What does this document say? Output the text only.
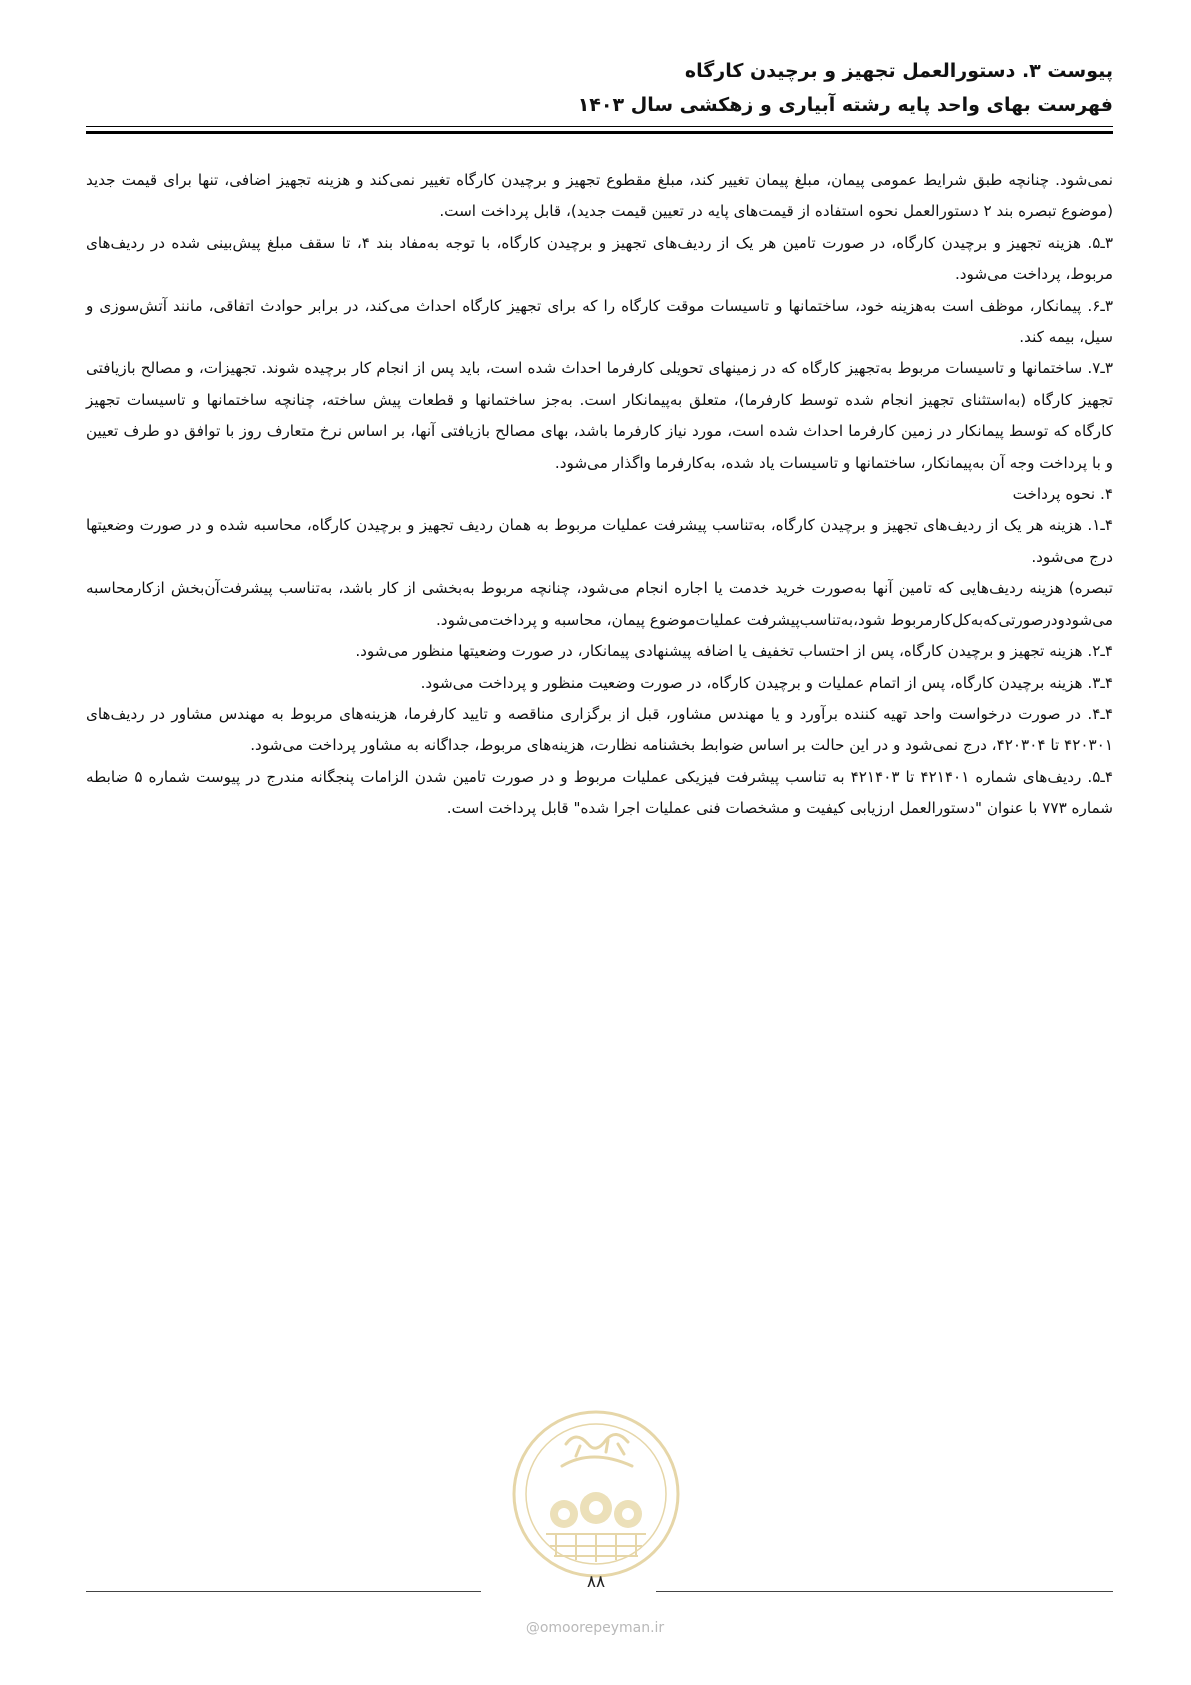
پیوست ۳. دستورالعمل تجهیز و برچیدن کارگاه
فهرست بهای واحد پایه رشته آبیاری و زهکشی سال ۱۴۰۳

نمی‌شود. چنانچه طبق شرایط عمومی پیمان، مبلغ پیمان تغییر کند، مبلغ مقطوع تجهیز و برچیدن کارگاه تغییر نمی‌کند و هزینه تجهیز اضافی، تنها برای قیمت جدید (موضوع تبصره بند ۲ دستورالعمل نحوه استفاده از قیمت‌های پایه در تعیین قیمت جدید)، قابل پرداخت است.

۳ـ۵. هزینه تجهیز و برچیدن کارگاه، در صورت تامین هر یک از ردیف‌های تجهیز و برچیدن کارگاه، با توجه به‌مفاد بند ۴، تا سقف مبلغ پیش‌بینی شده در ردیف‌های مربوط، پرداخت می‌شود.

۳ـ۶. پیمانکار، موظف است به‌هزینه خود، ساختمانها و تاسیسات موقت کارگاه را که برای تجهیز کارگاه احداث می‌کند، در برابر حوادث اتفاقی، مانند آتش‌سوزی و سیل، بیمه کند.

۳ـ۷. ساختمانها و تاسیسات مربوط به‌تجهیز کارگاه که در زمینهای تحویلی کارفرما احداث شده است، باید پس از انجام کار برچیده شوند. تجهیزات، و مصالح بازیافتی تجهیز کارگاه (به‌استثنای تجهیز انجام شده توسط کارفرما)، متعلق به‌پیمانکار است. به‌جز ساختمانها و قطعات پیش ساخته، چنانچه ساختمانها و تاسیسات تجهیز کارگاه که توسط پیمانکار در زمین کارفرما احداث شده است، مورد نیاز کارفرما باشد، بهای مصالح بازیافتی آنها، بر اساس نرخ متعارف روز با توافق دو طرف تعیین و با پرداخت وجه آن به‌پیمانکار، ساختمانها و تاسیسات یاد شده، به‌کارفرما واگذار می‌شود.

۴. نحوه پرداخت

۴ـ۱. هزینه هر یک از ردیف‌های تجهیز و برچیدن کارگاه، به‌تناسب پیشرفت عملیات مربوط به همان ردیف تجهیز و برچیدن کارگاه، محاسبه شده و در صورت وضعیتها درج می‌شود.

تبصره) هزینه ردیف‌هایی که تامین آنها به‌صورت خرید خدمت یا اجاره انجام می‌شود، چنانچه مربوط به‌بخشی از کار باشد، به‌تناسب پیشرفت‌آن‌بخش ازکارمحاسبه می‌شودودرصورتی‌که‌به‌کل‌کارمربوط شود،به‌تناسب‌پیشرفت عملیات‌موضوع پیمان، محاسبه و پرداخت‌می‌شود.

۴ـ۲. هزینه تجهیز و برچیدن کارگاه، پس از احتساب تخفیف یا اضافه پیشنهادی پیمانکار، در صورت وضعیتها منظور می‌شود.

۴ـ۳. هزینه برچیدن کارگاه، پس از اتمام عملیات و برچیدن کارگاه، در صورت وضعیت منظور و پرداخت می‌شود.

۴ـ۴. در صورت درخواست واحد تهیه کننده برآورد و یا مهندس مشاور، قبل از برگزاری مناقصه و تایید کارفرما، هزینه‌های مربوط به مهندس مشاور در ردیف‌های ۴۲۰۳۰۱ تا ۴۲۰۳۰۴، درج نمی‌شود و در این حالت بر اساس ضوابط بخشنامه نظارت، هزینه‌های مربوط، جداگانه به مشاور پرداخت می‌شود.

۴ـ۵. ردیف‌های شماره ۴۲۱۴۰۱ تا ۴۲۱۴۰۳ به تناسب پیشرفت فیزیکی عملیات مربوط و در صورت تامین شدن الزامات پنجگانه مندرج در پیوست شماره ۵ ضابطه شماره ۷۷۳ با عنوان "دستورالعمل ارزیابی کیفیت و مشخصات فنی عملیات اجرا شده" قابل پرداخت است.

۸۸
@omoorepeyman.ir
